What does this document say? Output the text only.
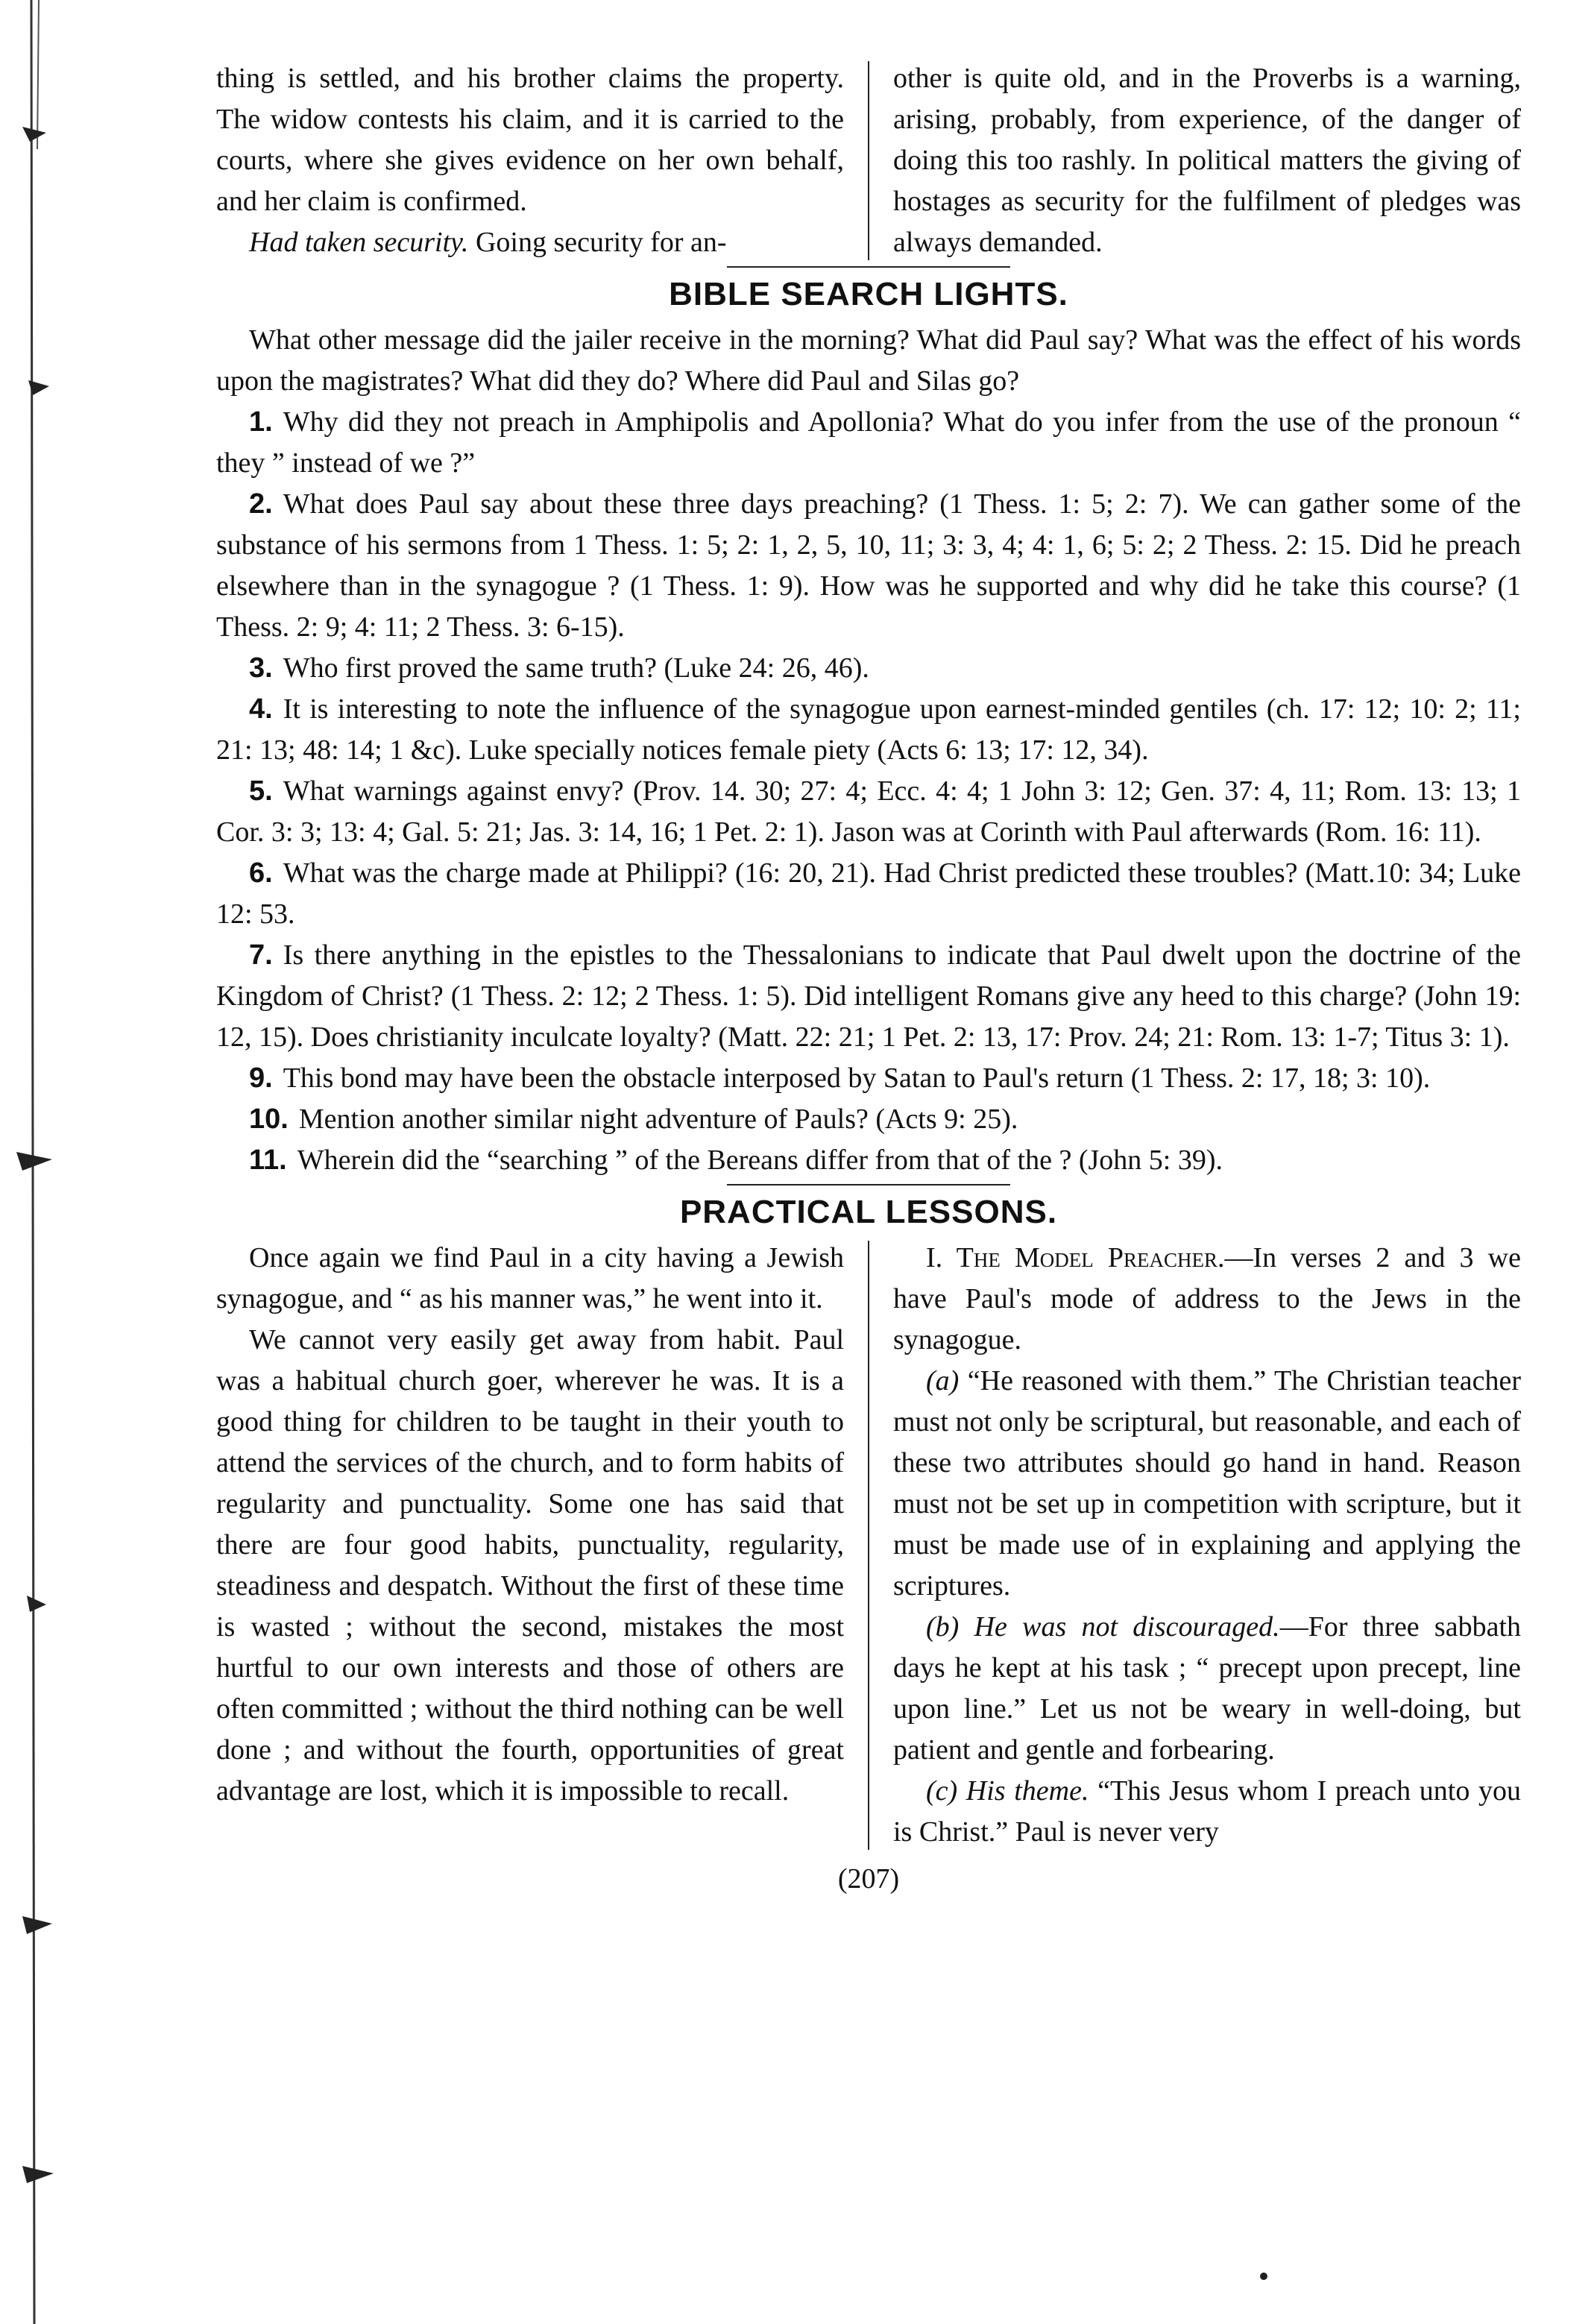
thing is settled, and his brother claims the property. The widow contests his claim, and it is carried to the courts, where she gives evidence on her own behalf, and her claim is confirmed.

Had taken security. Going security for an-

other is quite old, and in the Proverbs is a warning, arising, probably, from experience, of the danger of doing this too rashly. In political matters the giving of hostages as security for the fulfilment of pledges was always demanded.

BIBLE SEARCH LIGHTS.

What other message did the jailer receive in the morning? What did Paul say? What was the effect of his words upon the magistrates? What did they do? Where did Paul and Silas go?

1. Why did they not preach in Amphipolis and Apollonia? What do you infer from the use of the pronoun “ they ” instead of we ?”

2. What does Paul say about these three days preaching? (1 Thess. 1: 5; 2: 7). We can gather some of the substance of his sermons from 1 Thess. 1: 5; 2: 1, 2, 5, 10, 11; 3: 3, 4; 4: 1, 6; 5: 2; 2 Thess. 2: 15. Did he preach elsewhere than in the synagogue ? (1 Thess. 1: 9). How was he supported and why did he take this course? (1 Thess. 2: 9; 4: 11; 2 Thess. 3: 6-15).

3. Who first proved the same truth? (Luke 24: 26, 46).

4. It is interesting to note the influence of the synagogue upon earnest-minded gentiles (ch. 17: 12; 10: 2; 11; 21: 13; 48: 14; 1 &c). Luke specially notices female piety (Acts 6: 13; 17: 12, 34).

5. What warnings against envy? (Prov. 14. 30; 27: 4; Ecc. 4: 4; 1 John 3: 12; Gen. 37: 4, 11; Rom. 13: 13; 1 Cor. 3: 3; 13: 4; Gal. 5: 21; Jas. 3: 14, 16; 1 Pet. 2: 1). Jason was at Corinth with Paul afterwards (Rom. 16: 11).

6. What was the charge made at Philippi? (16: 20, 21). Had Christ predicted these troubles? (Matt.10: 34; Luke 12: 53.

7. Is there anything in the epistles to the Thessalonians to indicate that Paul dwelt upon the doctrine of the Kingdom of Christ? (1 Thess. 2: 12; 2 Thess. 1: 5). Did intelligent Romans give any heed to this charge? (John 19: 12, 15). Does christianity inculcate loyalty? (Matt. 22: 21; 1 Pet. 2: 13, 17: Prov. 24; 21: Rom. 13: 1-7; Titus 3: 1).

9. This bond may have been the obstacle interposed by Satan to Paul's return (1 Thess. 2: 17, 18; 3: 10).

10. Mention another similar night adventure of Pauls? (Acts 9: 25).

11. Wherein did the “searching ” of the Bereans differ from that of the ? (John 5: 39).

PRACTICAL LESSONS.

Once again we find Paul in a city having a Jewish synagogue, and “ as his manner was,” he went into it.

We cannot very easily get away from habit. Paul was a habitual church goer, wherever he was. It is a good thing for children to be taught in their youth to attend the services of the church, and to form habits of regularity and punctuality. Some one has said that there are four good habits, punctuality, regularity, steadiness and despatch. Without the first of these time is wasted ; without the second, mistakes the most hurtful to our own interests and those of others are often committed ; without the third nothing can be well done ; and without the fourth, opportunities of great advantage are lost, which it is impossible to recall.

I. The Model Preacher.—In verses 2 and 3 we have Paul's mode of address to the Jews in the synagogue.

(a) “He reasoned with them.” The Christian teacher must not only be scriptural, but reasonable, and each of these two attributes should go hand in hand. Reason must not be set up in competition with scripture, but it must be made use of in explaining and applying the scriptures.

(b) He was not discouraged.—For three sabbath days he kept at his task ; “ precept upon precept, line upon line.” Let us not be weary in well-doing, but patient and gentle and forbearing.

(c) His theme. “This Jesus whom I preach unto you is Christ.” Paul is never very

(207)
